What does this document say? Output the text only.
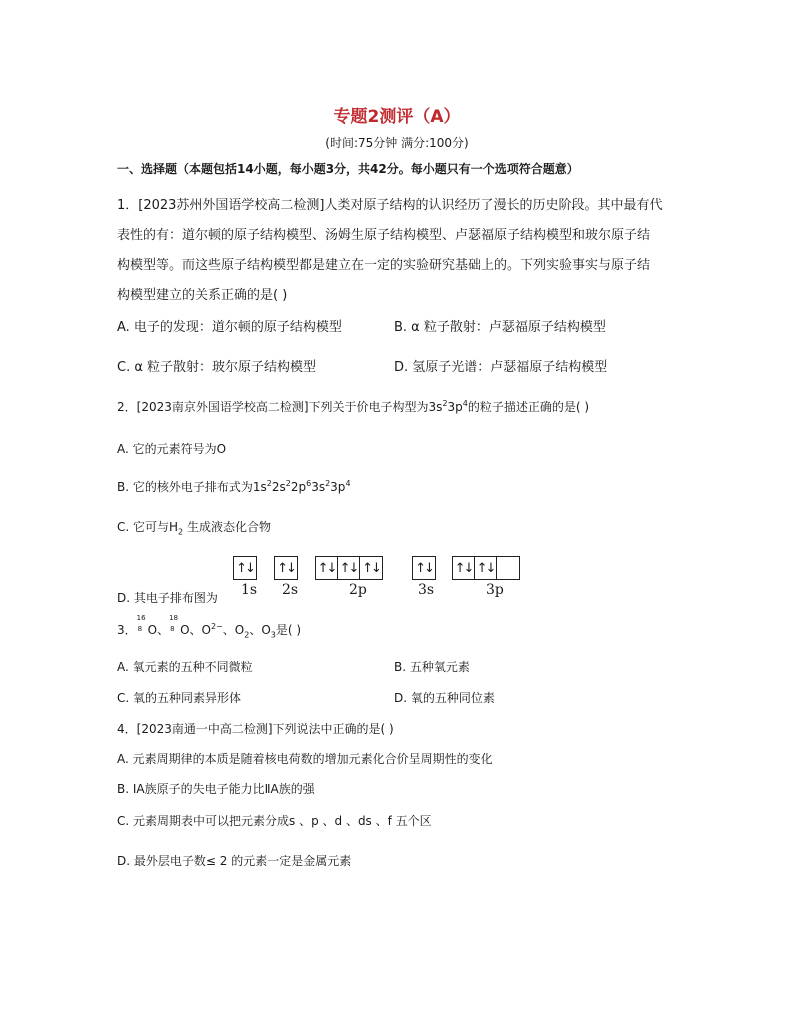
专题2测评（A）
(时间:75分钟 满分:100分)
一、选择题（本题包括14小题，每小题3分，共42分。每小题只有一个选项符合题意）
1．[2023苏州外国语学校高二检测]人类对原子结构的认识经历了漫长的历史阶段。其中最有代
表性的有：道尔顿的原子结构模型、汤姆生原子结构模型、卢瑟福原子结构模型和玻尔原子结
构模型等。而这些原子结构模型都是建立在一定的实验研究基础上的。下列实验事实与原子结
构模型建立的关系正确的是( )
A. 电子的发现：道尔顿的原子结构模型	B. α 粒子散射：卢瑟福原子结构模型
C. α 粒子散射：玻尔原子结构模型	D. 氢原子光谱：卢瑟福原子结构模型
2．[2023南京外国语学校高二检测]下列关于价电子构型为$3s^23p^4$的粒子描述正确的是( )
A. 它的元素符号为O
B. 它的核外电子排布式为$1s^22s^22p^63s^23p^4$
C. 它可与$H_2$ 生成液态化合物
D. 其电子排布图为
↑↓ ↑↓ ↑↓ ↑↓ ↑↓	↑↓ ↑↓ ↑↓
1s 2s	2p	3s	3p
3．
16
8 O、
18
8 O、$O^{2-}$、$O_2$、$O_3$是( )
A. 氧元素的五种不同微粒	B. 五种氧元素
C. 氧的五种同素异形体	D. 氧的五种同位素
4．[2023南通一中高二检测]下列说法中正确的是( )
A. 元素周期律的本质是随着核电荷数的增加元素化合价呈周期性的变化
B. ⅠA族原子的失电子能力比ⅡA族的强
C. 元素周期表中可以把元素分成s 、p 、d 、ds 、f 五个区
D. 最外层电子数≤ 2 的元素一定是金属元素
